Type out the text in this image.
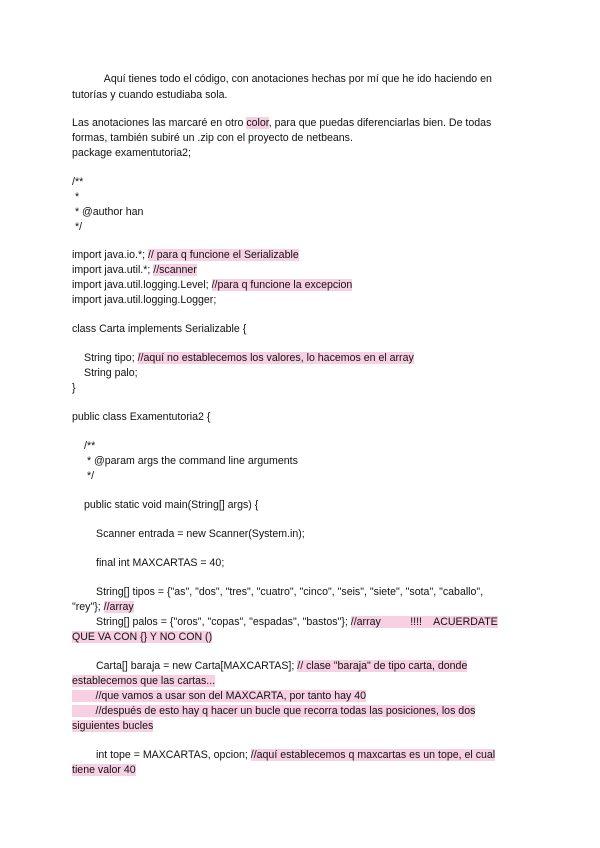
Aquí tienes todo el código, con anotaciones hechas por mí que he ido haciendo en
tutorías y cuando estudiaba sola.
Las anotaciones las marcaré en otro color, para que puedas diferenciarlas bien. De todas
formas, también subiré un .zip con el proyecto de netbeans.
package examentutoria2;
/**
*
* @author han
*/
import java.io.*; // para q funcione el Serializable
import java.util.*; //scanner
import java.util.logging.Level; //para q funcione la excepcion
import java.util.logging.Logger;
class Carta implements Serializable {
String tipo; //aquí no establecemos los valores, lo hacemos en el array
String palo;
}
public class Examentutoria2 {
/**
* @param args the command line arguments
*/
public static void main(String[] args) {
Scanner entrada = new Scanner(System.in);
final int MAXCARTAS = 40;
String[] tipos = {"as", "dos", "tres", "cuatro", "cinco", "seis", "siete", "sota", "caballo",
"rey"}; //array
String[] palos = {"oros", "copas", "espadas", "bastos"}; //array          !!!!    ACUERDATE
QUE VA CON {} Y NO CON ()
Carta[] baraja = new Carta[MAXCARTAS]; // clase "baraja" de tipo carta, donde
establecemos que las cartas...
//que vamos a usar son del MAXCARTA, por tanto hay 40
//después de esto hay q hacer un bucle que recorra todas las posiciones, los dos
siguientes bucles
int tope = MAXCARTAS, opcion; //aquí establecemos q maxcartas es un tope, el cual
tiene valor 40
